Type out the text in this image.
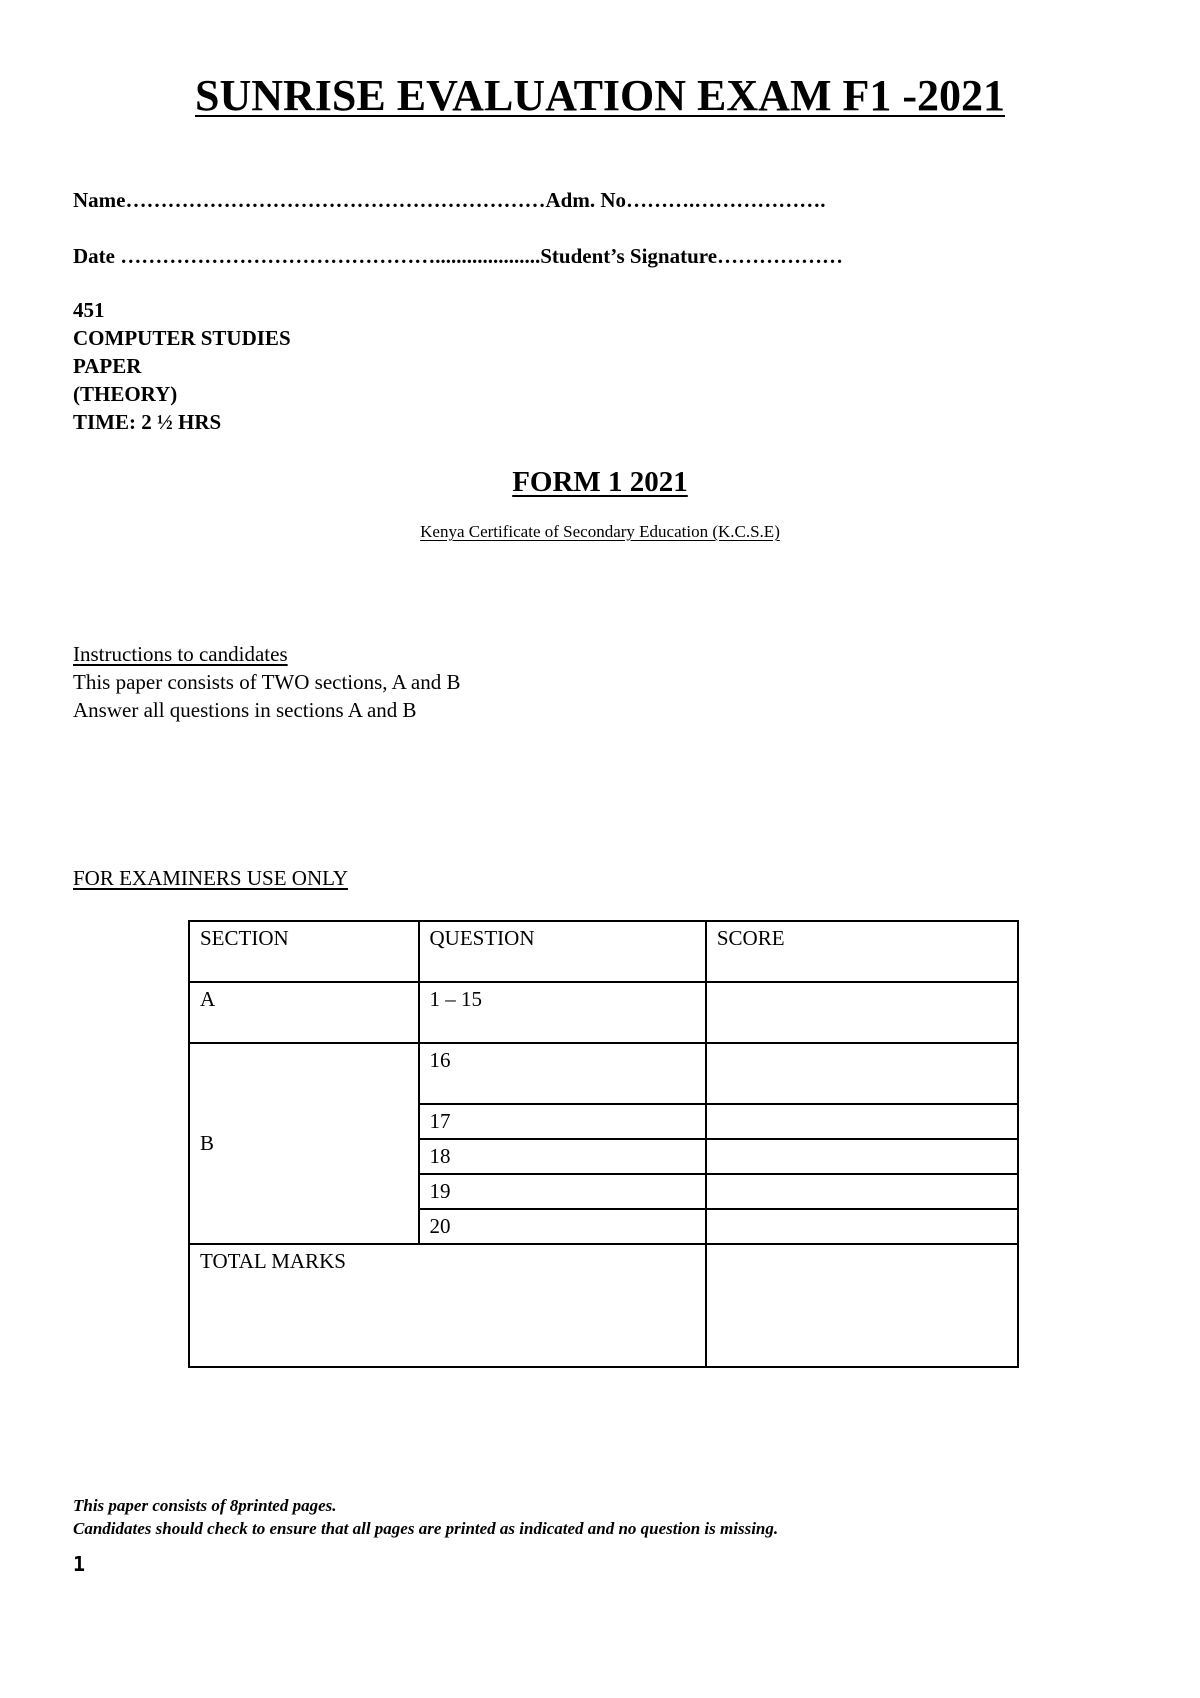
SUNRISE EVALUATION EXAM F1 -2021
Name……………………………………………………Adm. No……….……………….
Date ………………………………………....................Student’s Signature………………
451
COMPUTER STUDIES
PAPER
(THEORY)
TIME: 2 ½ HRS
FORM 1 2021
Kenya Certificate of Secondary Education (K.C.S.E)
Instructions to candidates
This paper consists of TWO sections, A and B
Answer all questions in sections A and B
FOR EXAMINERS USE ONLY
SECTION	QUESTION	SCORE
A	1 – 15	
B	16	
	17	
	18	
	19	
	20	
TOTAL MARKS		
This paper consists of 8printed pages.
Candidates should check to ensure that all pages are printed as indicated and no question is missing.
1
